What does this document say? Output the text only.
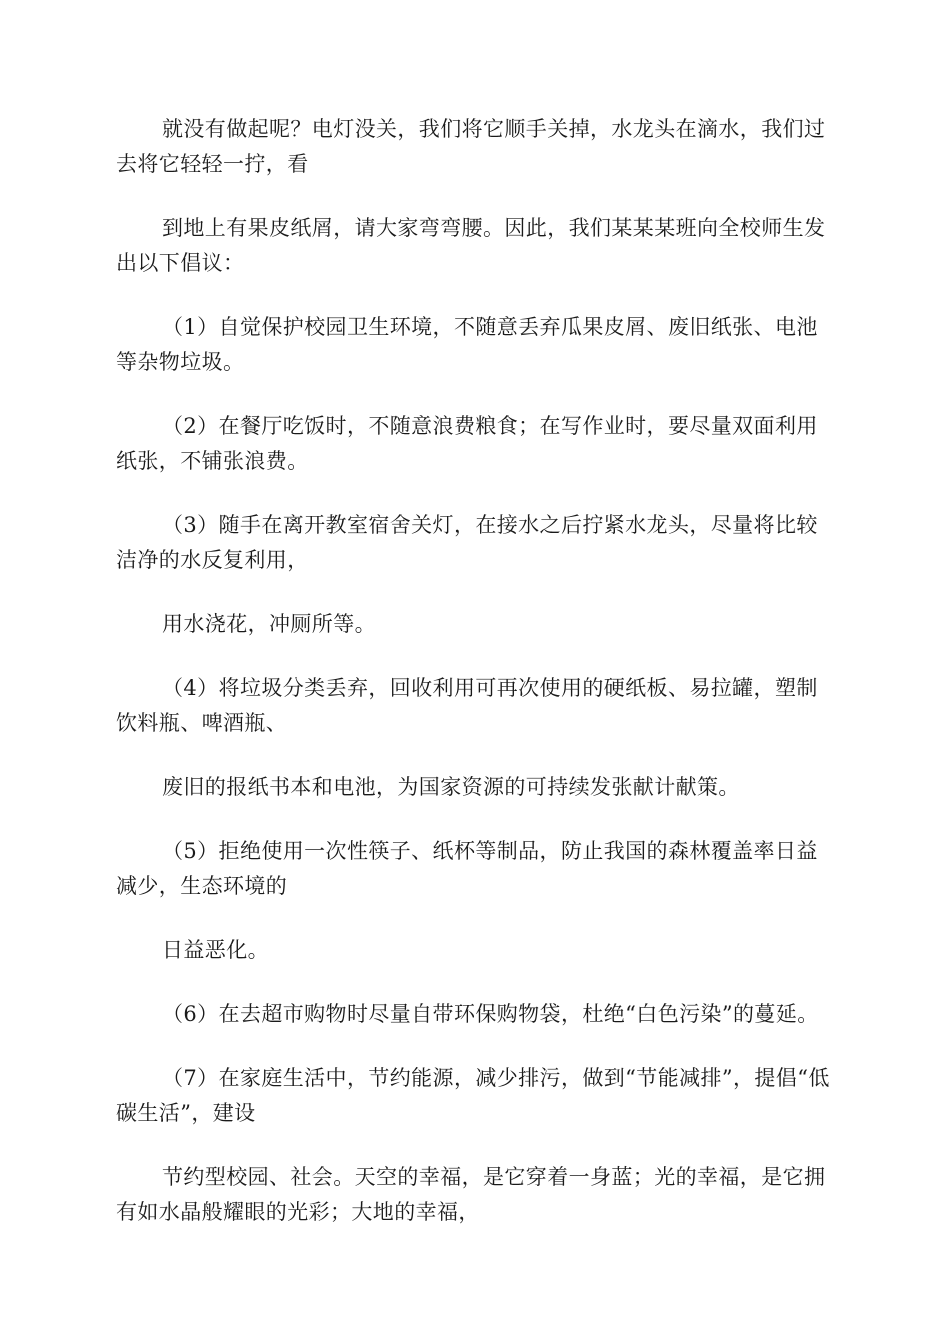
就没有做起呢？电灯没关，我们将它顺手关掉，水龙头在滴水，我们过去将它轻轻一拧，看

到地上有果皮纸屑，请大家弯弯腰。因此，我们某某某班向全校师生发出以下倡议：

（1）自觉保护校园卫生环境，不随意丢弃瓜果皮屑、废旧纸张、电池等杂物垃圾。

（2）在餐厅吃饭时，不随意浪费粮食；在写作业时，要尽量双面利用纸张，不铺张浪费。

（3）随手在离开教室宿舍关灯，在接水之后拧紧水龙头，尽量将比较洁净的水反复利用，

用水浇花，冲厕所等。

（4）将垃圾分类丢弃，回收利用可再次使用的硬纸板、易拉罐，塑制饮料瓶、啤酒瓶、

废旧的报纸书本和电池，为国家资源的可持续发张献计献策。

（5）拒绝使用一次性筷子、纸杯等制品，防止我国的森林覆盖率日益减少，生态环境的

日益恶化。

（6）在去超市购物时尽量自带环保购物袋，杜绝“白色污染”的蔓延。

（7）在家庭生活中，节约能源，减少排污，做到“节能减排”，提倡“低碳生活”，建设

节约型校园、社会。天空的幸福，是它穿着一身蓝；光的幸福，是它拥有如水晶般耀眼的光彩；大地的幸福，
